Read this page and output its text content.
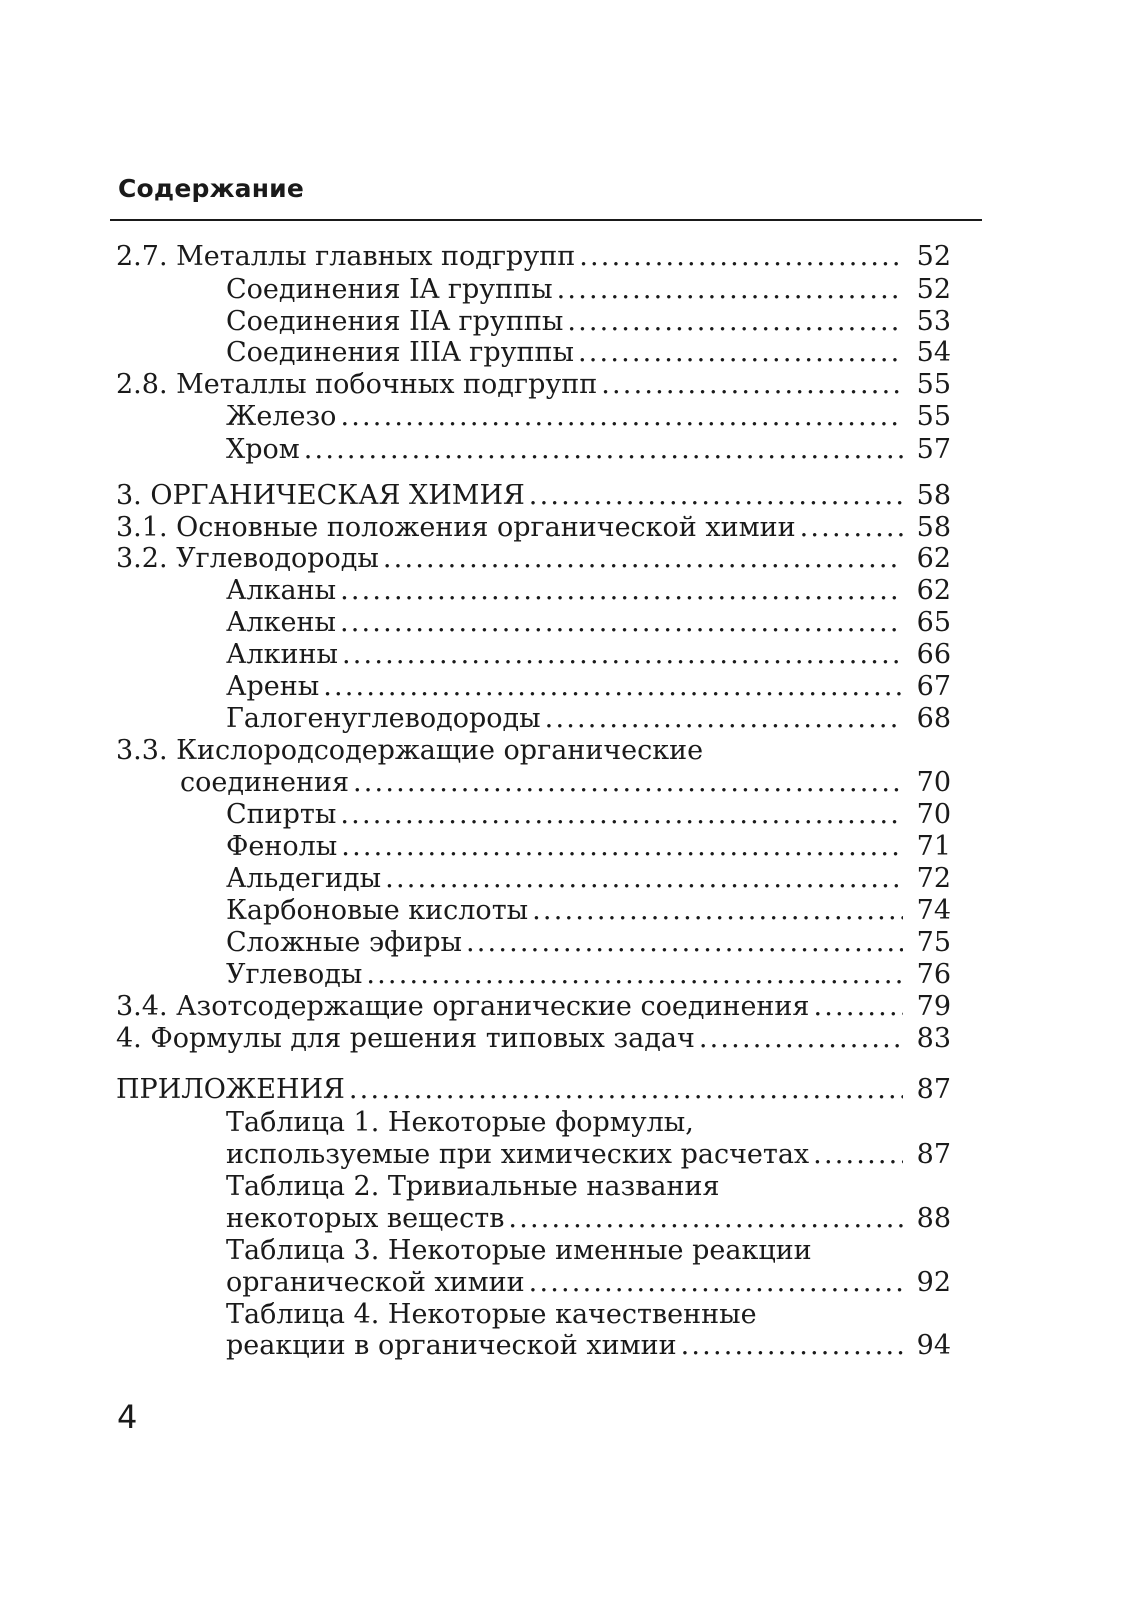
Содержание
2.7. Металлы главных подгрупп .....	52
Соединения IA группы .....	52
Соединения IIA группы .....	53
Соединения IIIA группы .....	54
2.8. Металлы побочных подгрупп .....	55
Железо .....	55
Хром .....	57
3. ОРГАНИЧЕСКАЯ ХИМИЯ .....	58
3.1. Основные положения органической химии .....	58
3.2. Углеводороды .....	62
Алканы .....	62
Алкены .....	65
Алкины .....	66
Арены .....	67
Галогенуглеводороды .....	68
3.3. Кислородсодержащие органические
соединения .....	70
Спирты .....	70
Фенолы .....	71
Альдегиды .....	72
Карбоновые кислоты .....	74
Сложные эфиры .....	75
Углеводы .....	76
3.4. Азотсодержащие органические соединения .....	79
4. Формулы для решения типовых задач .....	83
ПРИЛОЖЕНИЯ .....	87
Таблица 1. Некоторые формулы,
используемые при химических расчетах .....	87
Таблица 2. Тривиальные названия
некоторых веществ .....	88
Таблица 3. Некоторые именные реакции
органической химии .....	92
Таблица 4. Некоторые качественные
реакции в органической химии .....	94
4
